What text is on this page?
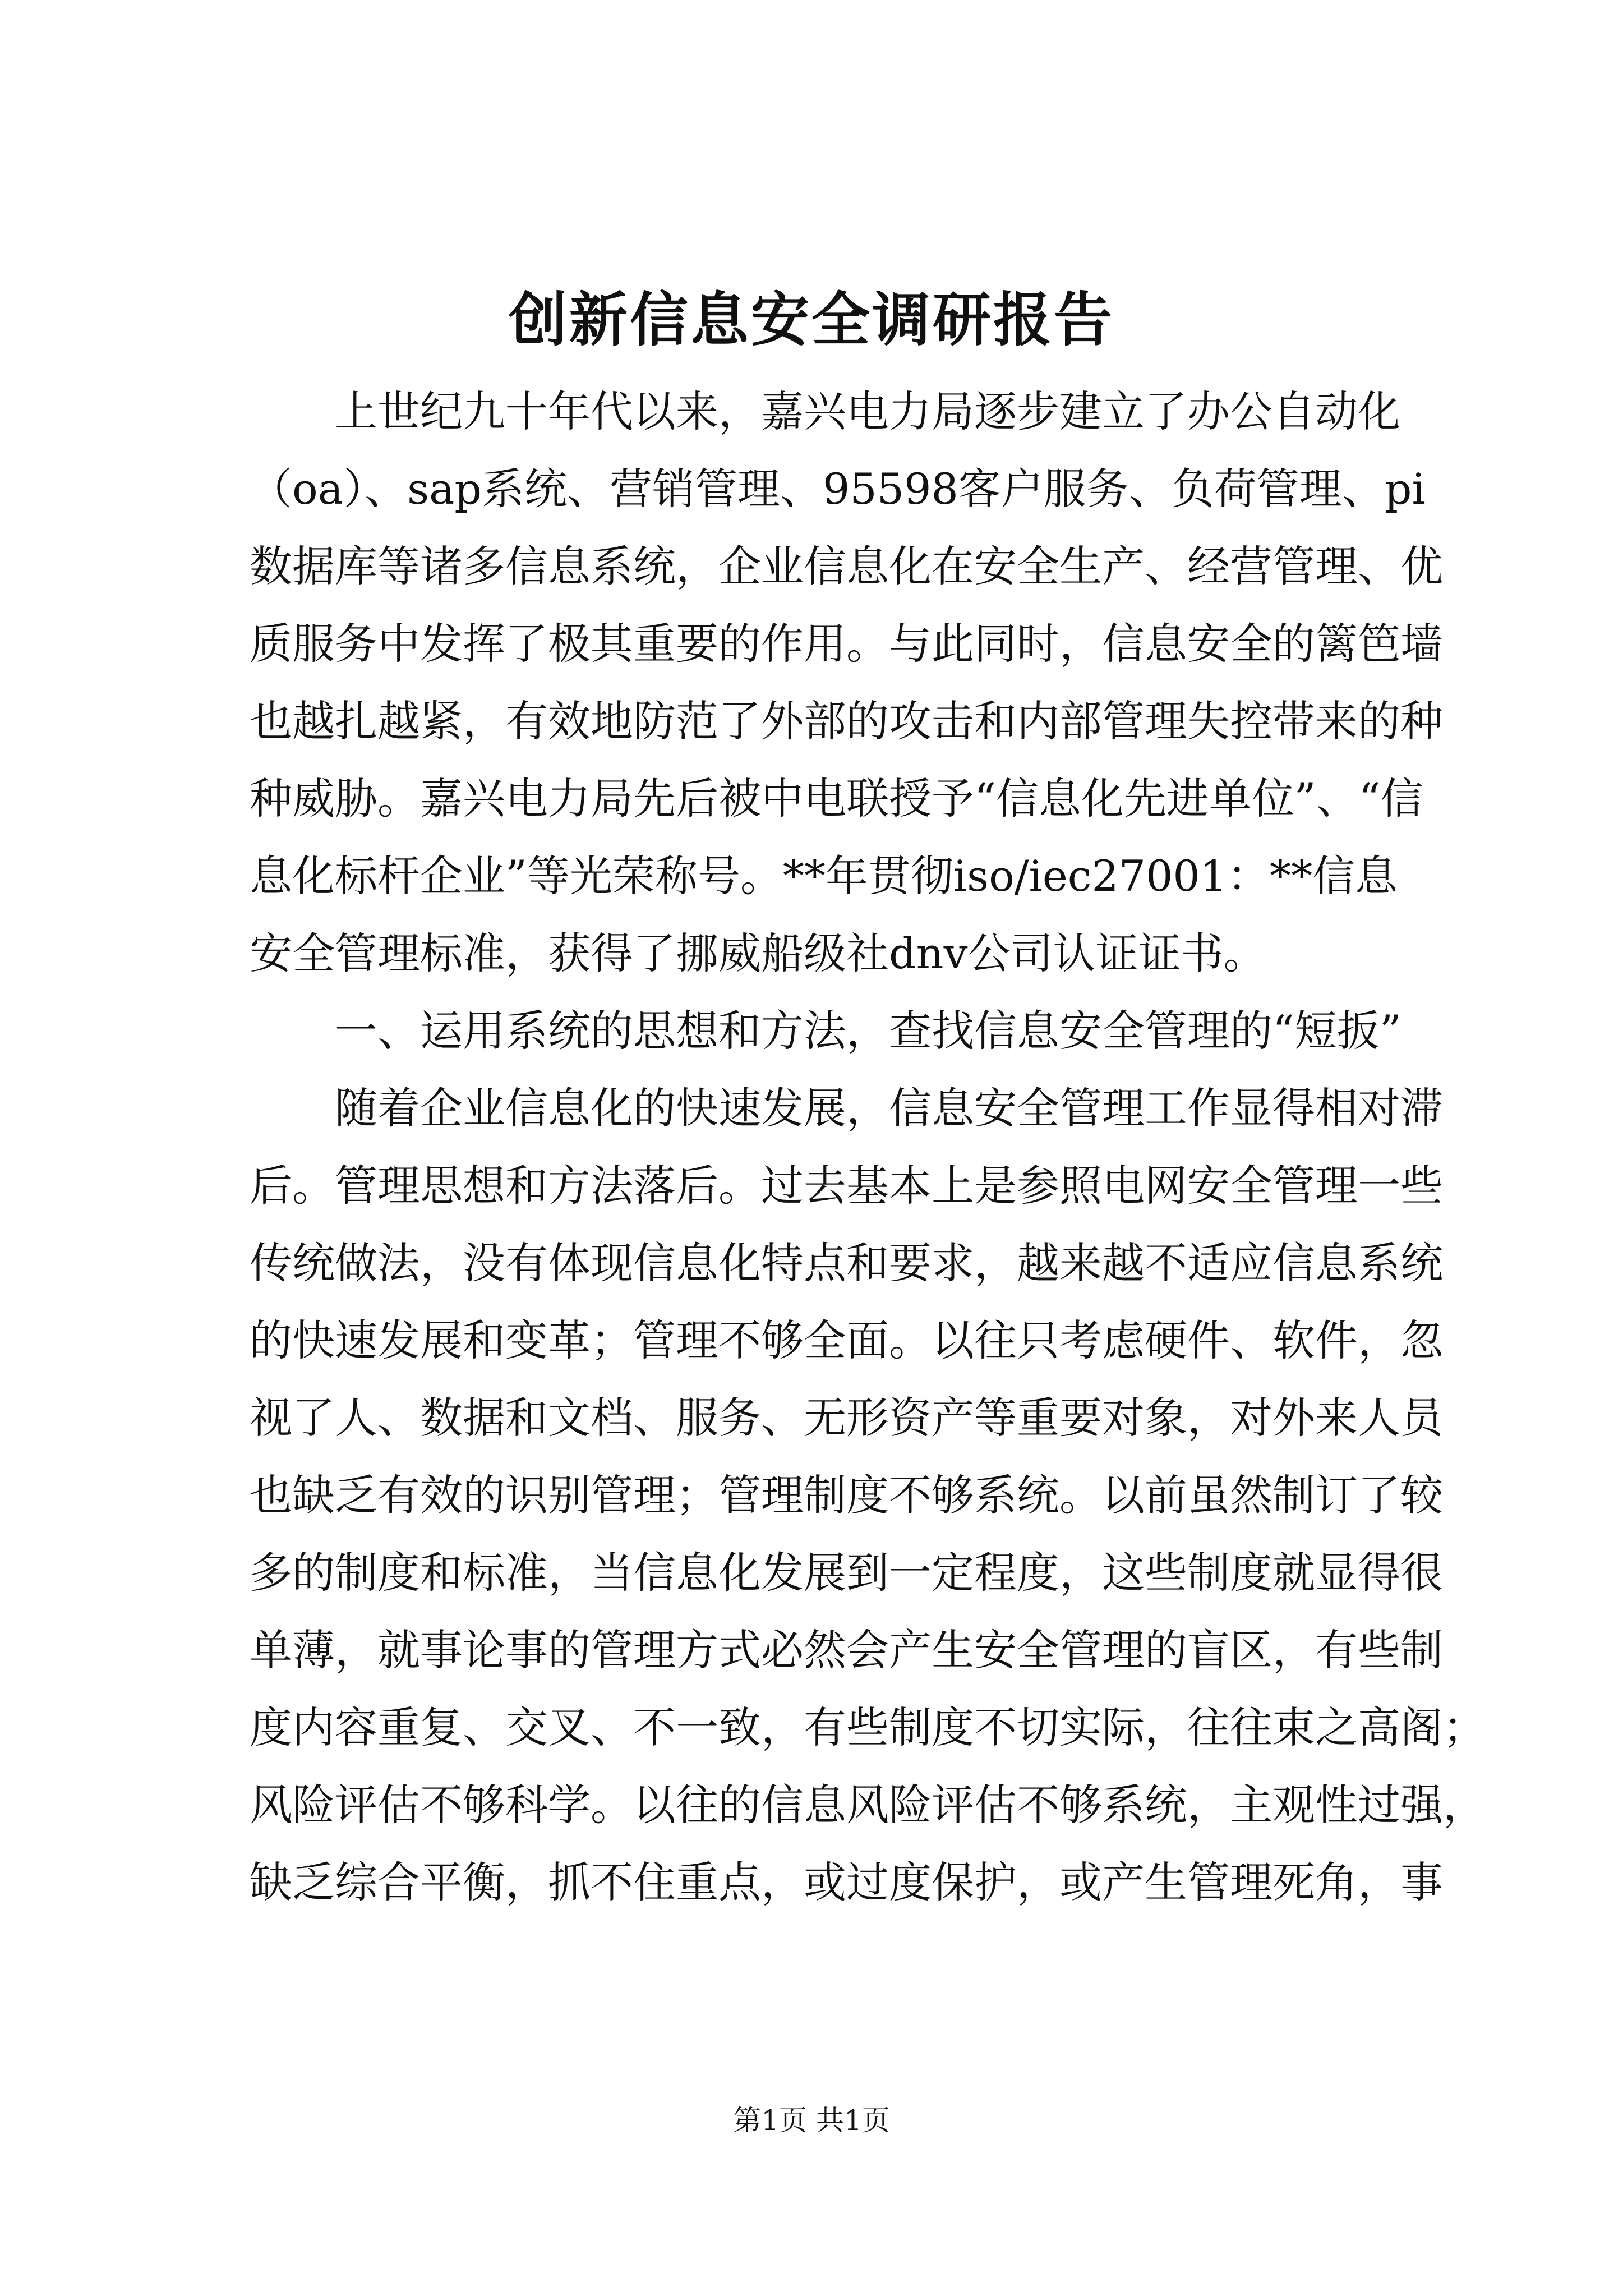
创新信息安全调研报告
　　上世纪九十年代以来，嘉兴电力局逐步建立了办公自动化
（oa）、sap系统、营销管理、95598客户服务、负荷管理、pi
数据库等诸多信息系统，企业信息化在安全生产、经营管理、优
质服务中发挥了极其重要的作用。与此同时，信息安全的篱笆墙
也越扎越紧，有效地防范了外部的攻击和内部管理失控带来的种
种威胁。嘉兴电力局先后被中电联授予“信息化先进单位”、“信
息化标杆企业”等光荣称号。**年贯彻iso/iec27001：**信息
安全管理标准，获得了挪威船级社dnv公司认证证书。
　　一、运用系统的思想和方法，查找信息安全管理的“短扳”
　　随着企业信息化的快速发展，信息安全管理工作显得相对滞
后。管理思想和方法落后。过去基本上是参照电网安全管理一些
传统做法，没有体现信息化特点和要求，越来越不适应信息系统
的快速发展和变革；管理不够全面。以往只考虑硬件、软件，忽
视了人、数据和文档、服务、无形资产等重要对象，对外来人员
也缺乏有效的识别管理；管理制度不够系统。以前虽然制订了较
多的制度和标准，当信息化发展到一定程度，这些制度就显得很
单薄，就事论事的管理方式必然会产生安全管理的盲区，有些制
度内容重复、交叉、不一致，有些制度不切实际，往往束之高阁；
风险评估不够科学。以往的信息风险评估不够系统，主观性过强，
缺乏综合平衡，抓不住重点，或过度保护，或产生管理死角，事
第1页 共1页
